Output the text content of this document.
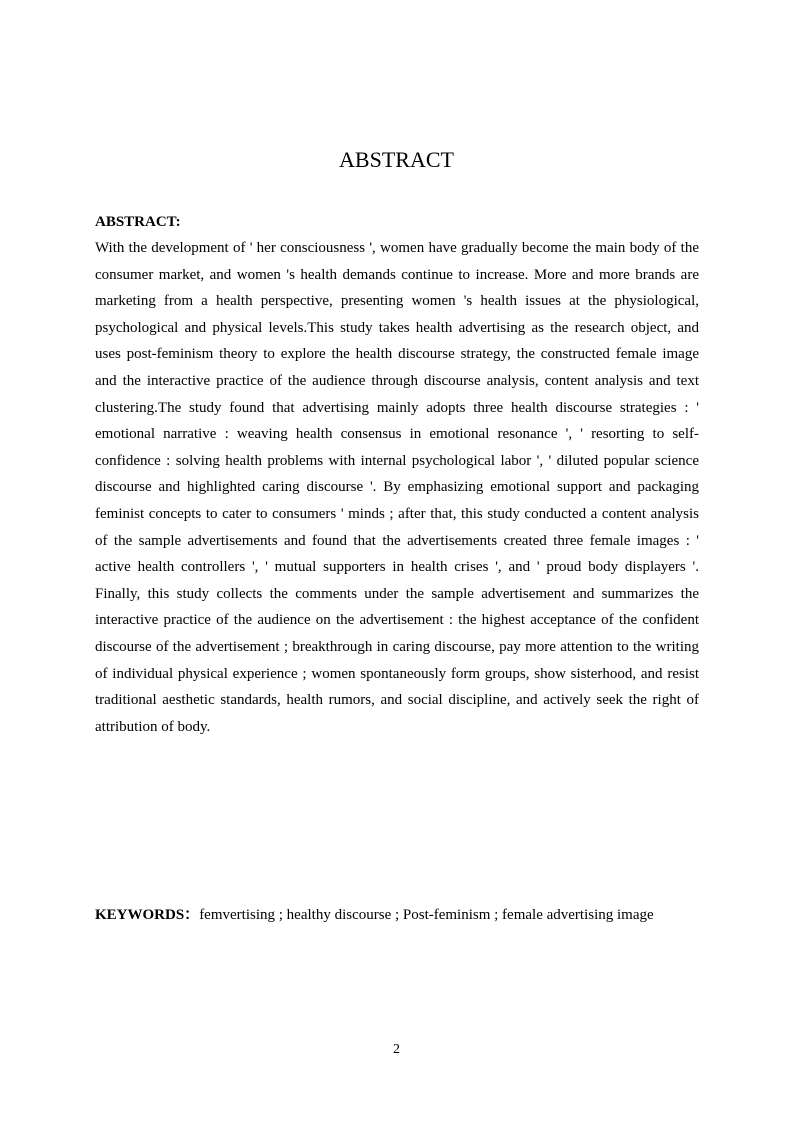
ABSTRACT
ABSTRACT:

With the development of ' her consciousness ', women have gradually become the main body of the consumer market, and women 's health demands continue to increase. More and more brands are marketing from a health perspective, presenting women 's health issues at the physiological, psychological and physical levels.This study takes health advertising as the research object, and uses post-feminism theory to explore the health discourse strategy, the constructed female image and the interactive practice of the audience through discourse analysis, content analysis and text clustering.The study found that advertising mainly adopts three health discourse strategies : ' emotional narrative : weaving health consensus in emotional resonance ', ' resorting to self-confidence : solving health problems with internal psychological labor ', ' diluted popular science discourse and highlighted caring discourse '. By emphasizing emotional support and packaging feminist concepts to cater to consumers ' minds ; after that, this study conducted a content analysis of the sample advertisements and found that the advertisements created three female images : ' active health controllers ', ' mutual supporters in health crises ', and ' proud body displayers '. Finally, this study collects the comments under the sample advertisement and summarizes the interactive practice of the audience on the advertisement : the highest acceptance of the confident discourse of the advertisement ; breakthrough in caring discourse, pay more attention to the writing of individual physical experience ; women spontaneously form groups, show sisterhood, and resist traditional aesthetic standards, health rumors, and social discipline, and actively seek the right of attribution of body.

KEYWORDS：femvertising ; healthy discourse ; Post-feminism ; female advertising image
2
